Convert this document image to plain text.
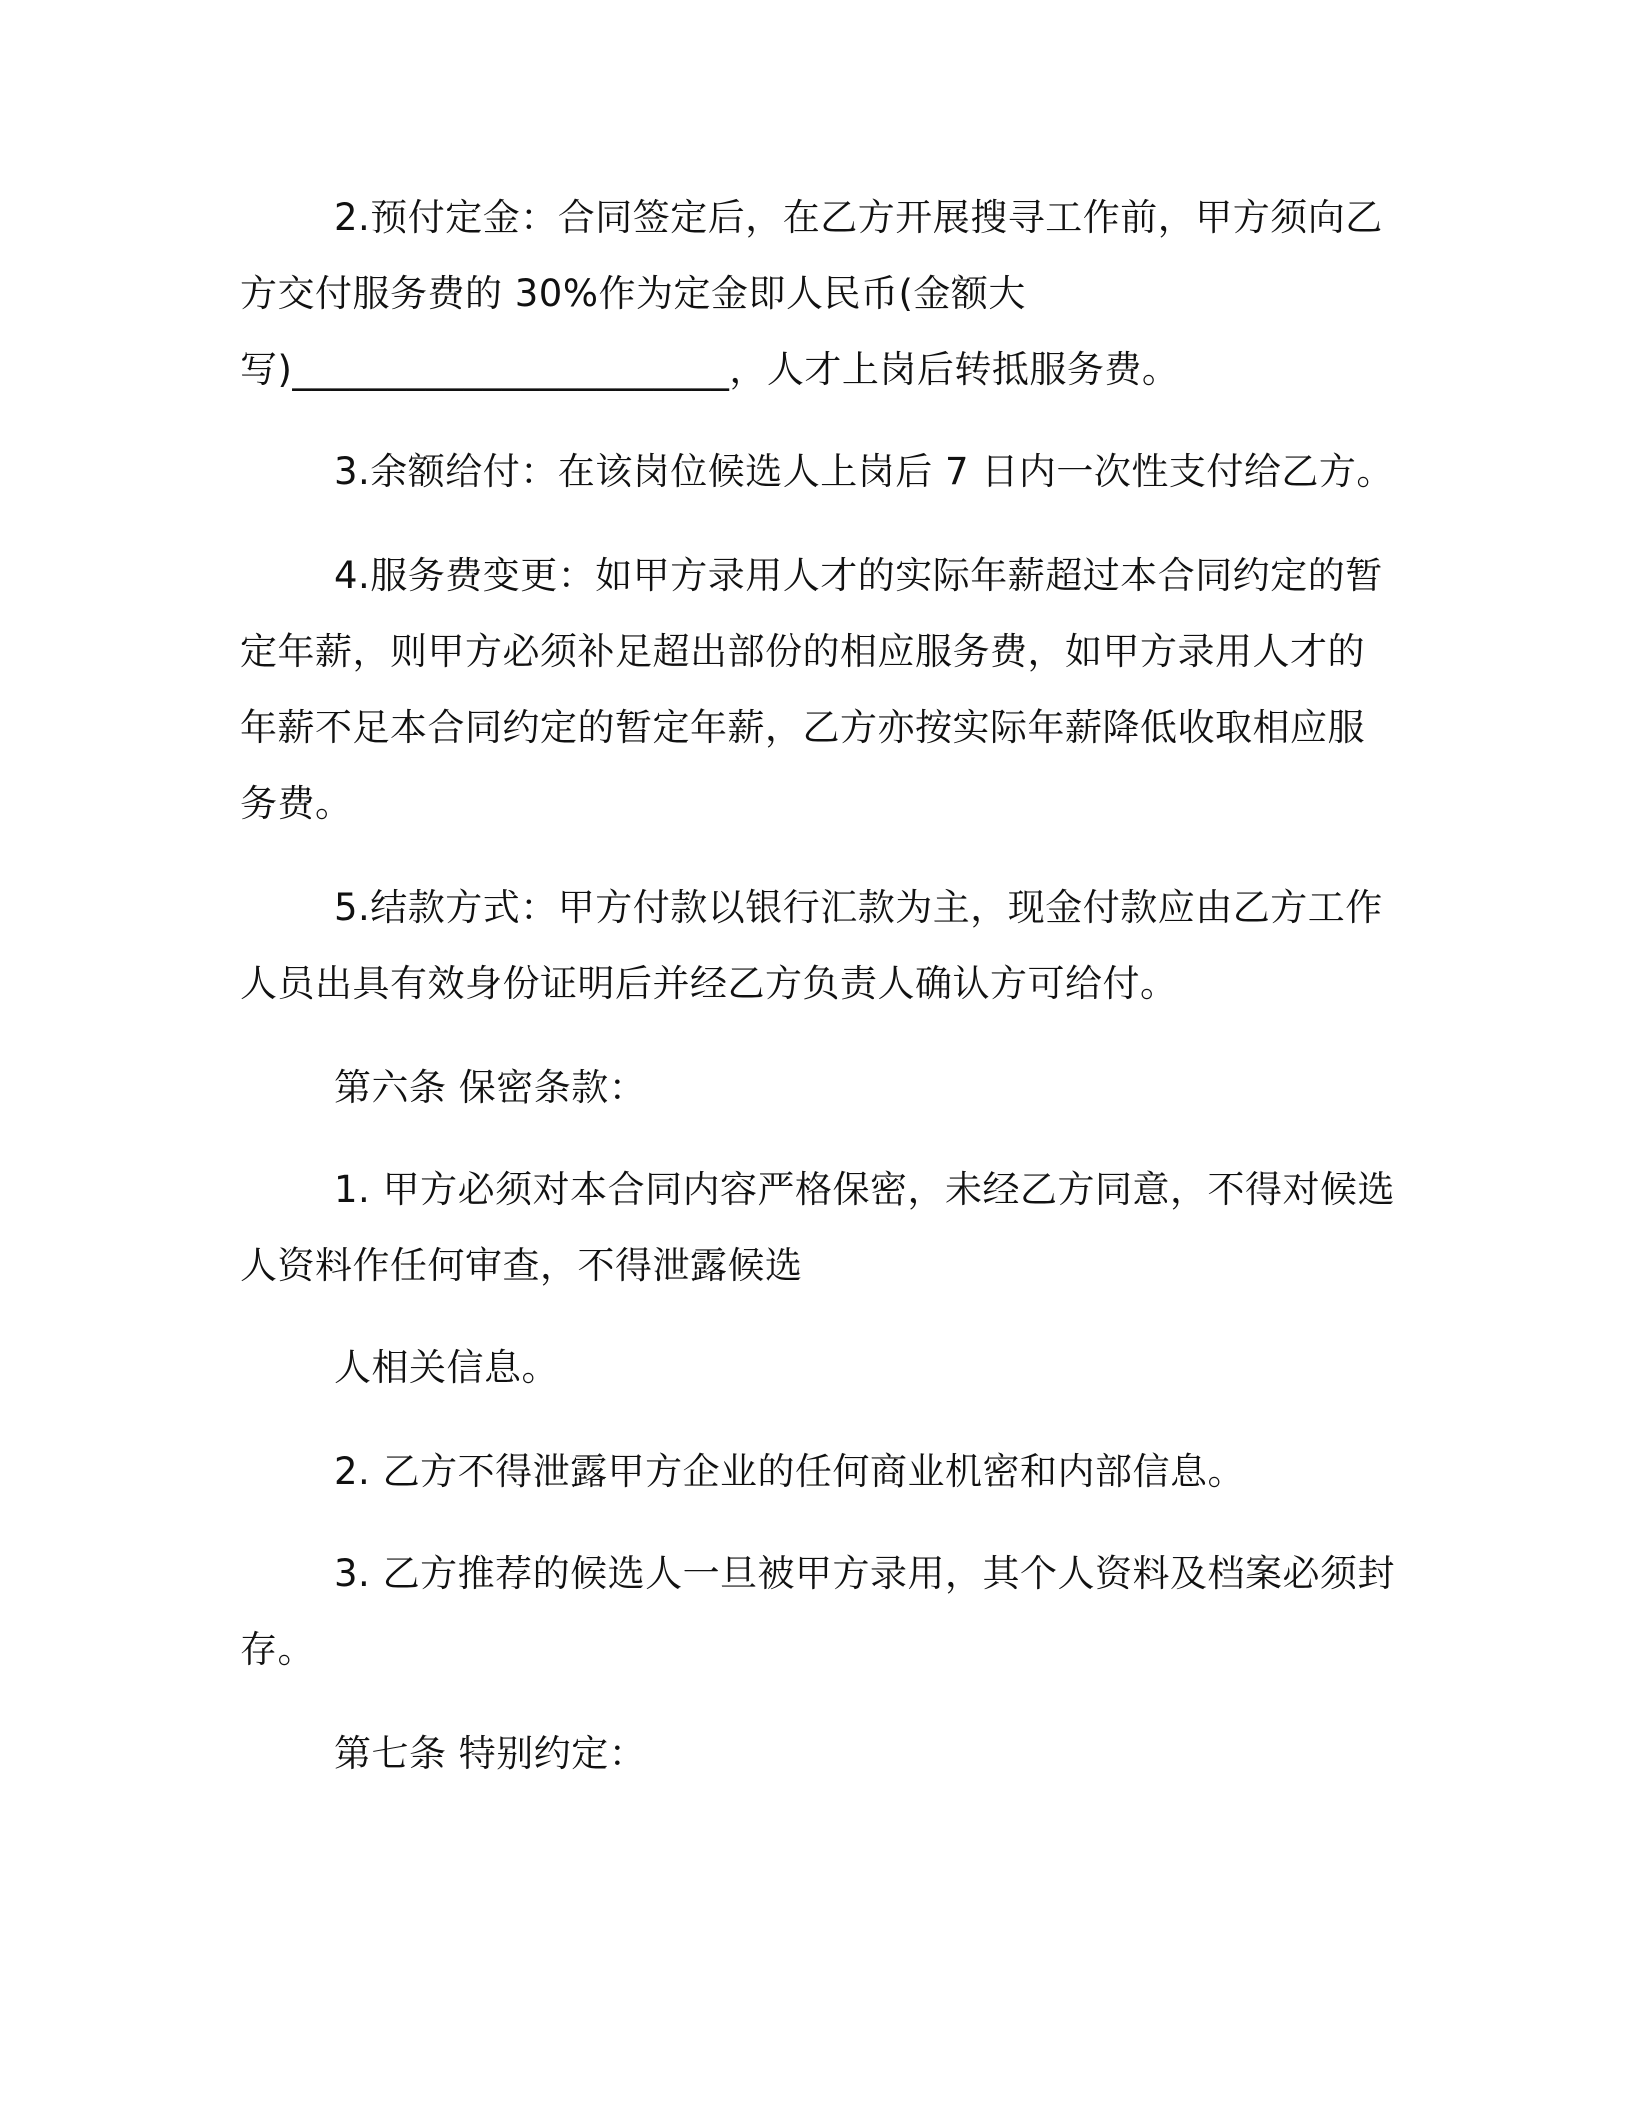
2.预付定金：合同签定后，在乙方开展搜寻工作前，甲方须向乙
方交付服务费的 30%作为定金即人民币(金额大
写)_______________________，人才上岗后转抵服务费。
3.余额给付：在该岗位候选人上岗后 7 日内一次性支付给乙方。
4.服务费变更：如甲方录用人才的实际年薪超过本合同约定的暂
定年薪，则甲方必须补足超出部份的相应服务费，如甲方录用人才的
年薪不足本合同约定的暂定年薪，乙方亦按实际年薪降低收取相应服
务费。
5.结款方式：甲方付款以银行汇款为主，现金付款应由乙方工作
人员出具有效身份证明后并经乙方负责人确认方可给付。
第六条 保密条款：
1. 甲方必须对本合同内容严格保密，未经乙方同意，不得对候选
人资料作任何审查，不得泄露候选
人相关信息。
2. 乙方不得泄露甲方企业的任何商业机密和内部信息。
3. 乙方推荐的候选人一旦被甲方录用，其个人资料及档案必须封
存。
第七条 特别约定：
